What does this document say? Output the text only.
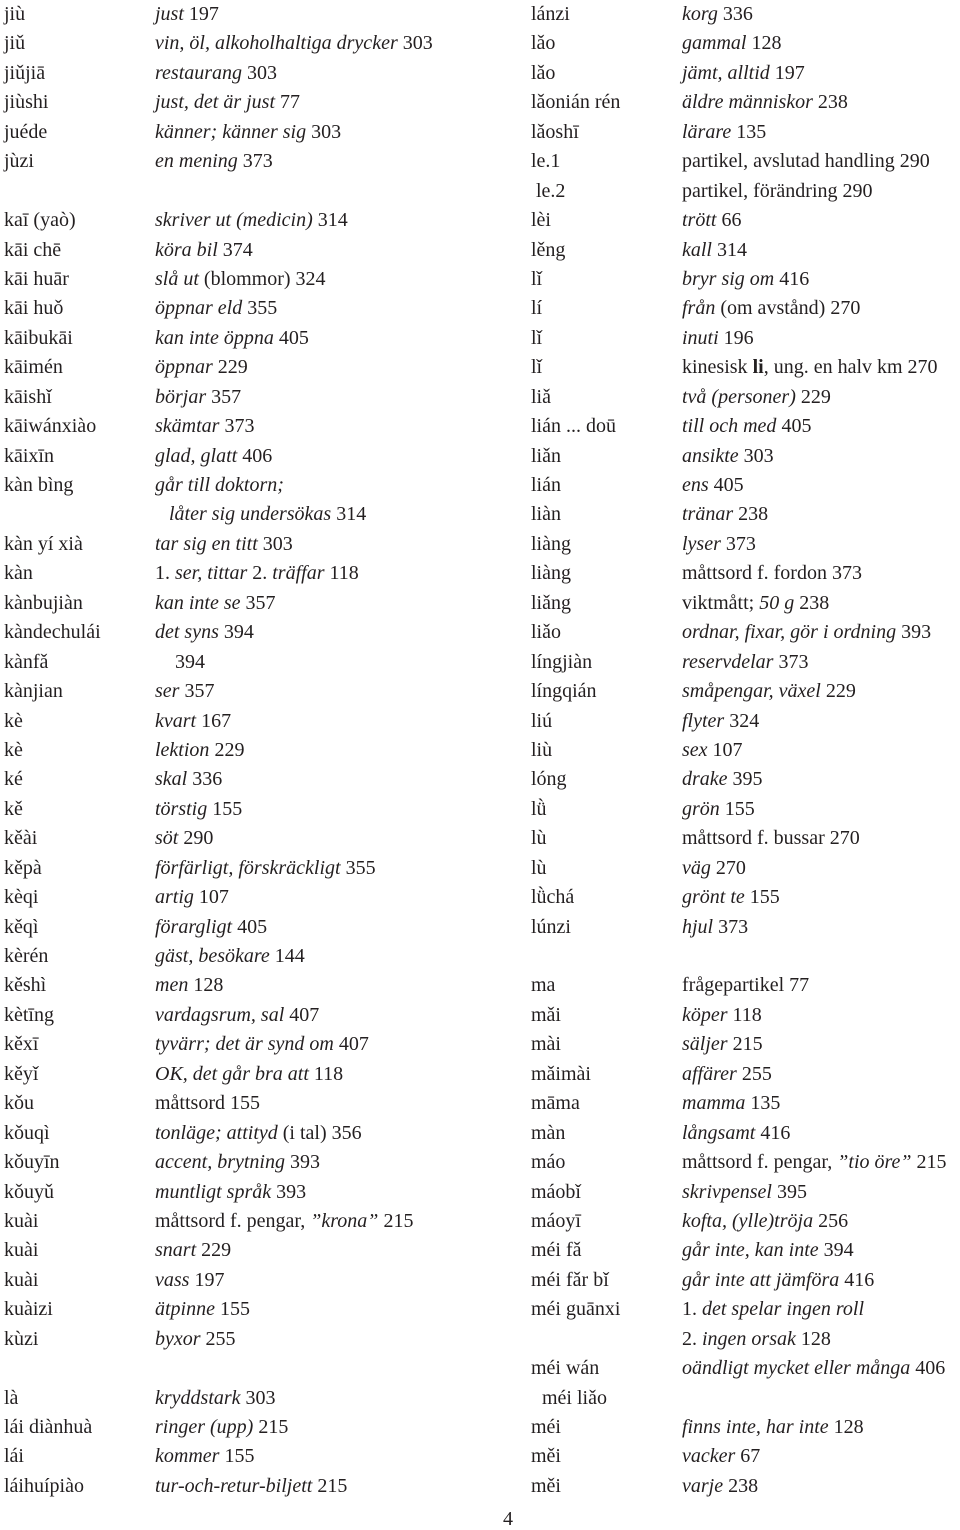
jiù	just 197
jiǔ	vin, öl, alkoholhaltiga drycker 303
jiǔjiā	restaurang 303
jiùshi	just, det är just 77
juéde	känner; känner sig 303
jùzi	en mening 373
kaī (yaò)	skriver ut (medicin) 314
kāi chē	köra bil 374
kāi huār	slå ut (blommor) 324
kāi huǒ	öppnar eld 355
kāibukāi	kan inte öppna 405
kāimén	öppnar 229
kāishǐ	börjar 357
kāiwánxiào	skämtar 373
kāixīn	glad, glatt 406
kàn bìng	går till doktorn;
låter sig undersökas 314
kàn yí xià	tar sig en titt 303
kàn	1. ser, tittar 2. träffar 118
kànbujiàn	kan inte se 357
kàndechulái	det syns 394
kànfǎ	394
kànjian	ser 357
kè	kvart 167
kè	lektion 229
ké	skal 336
kě	törstig 155
kěài	söt 290
kěpà	förfärligt, förskräckligt 355
kèqi	artig 107
kěqì	förargligt 405
kèrén	gäst, besökare 144
kěshì	men 128
kètīng	vardagsrum, sal 407
kěxī	tyvärr; det är synd om 407
kěyǐ	OK, det går bra att 118
kǒu	måttsord 155
kǒuqì	tonläge; attityd (i tal) 356
kǒuyīn	accent, brytning 393
kǒuyǔ	muntligt språk 393
kuài	måttsord f. pengar, ”krona” 215
kuài	snart 229
kuài	vass 197
kuàizi	ätpinne 155
kùzi	byxor 255
là	kryddstark 303
lái diànhuà	ringer (upp) 215
lái	kommer 155
láihuípiào	tur-och-retur-biljett 215
lánzi	korg 336
lǎo	gammal 128
lǎo	jämt, alltid 197
lǎonián rén	äldre människor 238
lǎoshī	lärare 135
le.1	partikel, avslutad handling 290
le.2	partikel, förändring 290
lèi	trött 66
lěng	kall 314
lǐ	bryr sig om 416
lí	från (om avstånd) 270
lǐ	inuti 196
lǐ	kinesisk li, ung. en halv km 270
liǎ	två (personer) 229
lián ... doū	till och med 405
liǎn	ansikte 303
lián	ens 405
liàn	tränar 238
liàng	lyser 373
liàng	måttsord f. fordon 373
liǎng	viktmått; 50 g 238
liǎo	ordnar, fixar, gör i ordning 393
língjiàn	reservdelar 373
língqián	småpengar, växel 229
liú	flyter 324
liù	sex 107
lóng	drake 395
lǜ	grön 155
lù	måttsord f. bussar 270
lù	väg 270
lǜchá	grönt te 155
lúnzi	hjul 373
ma	frågepartikel 77
mǎi	köper 118
mài	säljer 215
mǎimài	affärer 255
māma	mamma 135
màn	långsamt 416
máo	måttsord f. pengar, ”tio öre” 215
máobǐ	skrivpensel 395
máoyī	kofta, (ylle)tröja 256
méi fǎ	går inte, kan inte 394
méi fǎr bǐ	går inte att jämföra 416
méi guānxi	1. det spelar ingen roll
2. ingen orsak 128
méi wán	oändligt mycket eller många 406
méi liǎo
méi	finns inte, har inte 128
měi	vacker 67
měi	varje 238
4
